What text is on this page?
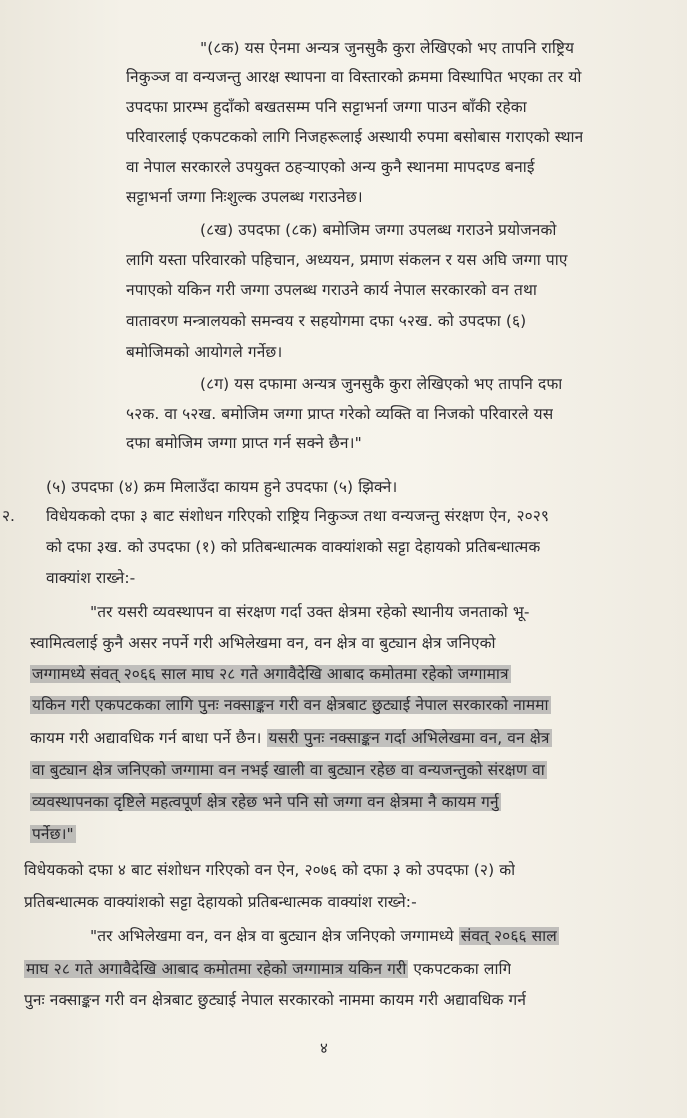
"(८क) यस ऐनमा अन्यत्र जुनसुकै कुरा लेखिएको भए तापनि राष्ट्रिय
निकुञ्ज वा वन्यजन्तु आरक्ष स्थापना वा विस्तारको क्रममा विस्थापित भएका तर यो
उपदफा प्रारम्भ हुदाँको बखतसम्म पनि सट्टाभर्ना जग्गा पाउन बाँकी रहेका
परिवारलाई एकपटकको लागि निजहरूलाई अस्थायी रुपमा बसोबास गराएको स्थान
वा नेपाल सरकारले उपयुक्त ठहऱ्याएको अन्य कुनै स्थानमा मापदण्ड बनाई
सट्टाभर्ना जग्गा निःशुल्क उपलब्ध गराउनेछ।
(८ख) उपदफा (८क) बमोजिम जग्गा उपलब्ध गराउने प्रयोजनको
लागि यस्ता परिवारको पहिचान, अध्ययन, प्रमाण संकलन र यस अघि जग्गा पाए
नपाएको यकिन गरी जग्गा उपलब्ध गराउने कार्य नेपाल सरकारको वन तथा
वातावरण मन्त्रालयको समन्वय र सहयोगमा दफा ५२ख. को उपदफा (६)
बमोजिमको आयोगले गर्नेछ।
(८ग) यस दफामा अन्यत्र जुनसुकै कुरा लेखिएको भए तापनि दफा
५२क. वा ५२ख. बमोजिम जग्गा प्राप्त गरेको व्यक्ति वा निजको परिवारले यस
दफा बमोजिम जग्गा प्राप्त गर्न सक्ने छैन।"
(५) उपदफा (४) क्रम मिलाउँदा कायम हुने उपदफा (५) झिक्ने।
२. विधेयकको दफा ३ बाट संशोधन गरिएको राष्ट्रिय निकुञ्ज तथा वन्यजन्तु संरक्षण ऐन, २०२९
को दफा ३ख. को उपदफा (१) को प्रतिबन्धात्मक वाक्यांशको सट्टा देहायको प्रतिबन्धात्मक
वाक्यांश राख्ने:-
"तर यसरी व्यवस्थापन वा संरक्षण गर्दा उक्त क्षेत्रमा रहेको स्थानीय जनताको भू-
स्वामित्वलाई कुनै असर नपर्ने गरी अभिलेखमा वन, वन क्षेत्र वा बुट्यान क्षेत्र जनिएको
जग्गामध्ये संवत् २०६६ साल माघ २८ गते अगावैदेखि आबाद कमोतमा रहेको जग्गामात्र
यकिन गरी एकपटकका लागि पुनः नक्साङ्कन गरी वन क्षेत्रबाट छुट्याई नेपाल सरकारको नाममा
कायम गरी अद्यावधिक गर्न बाधा पर्ने छैन। यसरी पुनः नक्साङ्कन गर्दा अभिलेखमा वन, वन क्षेत्र
वा बुट्यान क्षेत्र जनिएको जग्गामा वन नभई खाली वा बुट्यान रहेछ वा वन्यजन्तुको संरक्षण वा
व्यवस्थापनका दृष्टिले महत्वपूर्ण क्षेत्र रहेछ भने पनि सो जग्गा वन क्षेत्रमा नै कायम गर्नु
पर्नेछ।"
विधेयकको दफा ४ बाट संशोधन गरिएको वन ऐन, २०७६ को दफा ३ को उपदफा (२) को
प्रतिबन्धात्मक वाक्यांशको सट्टा देहायको प्रतिबन्धात्मक वाक्यांश राख्ने:-
"तर अभिलेखमा वन, वन क्षेत्र वा बुट्यान क्षेत्र जनिएको जग्गामध्ये संवत् २०६६ साल
माघ २८ गते अगावैदेखि आबाद कमोतमा रहेको जग्गामात्र यकिन गरी एकपटकका लागि
पुनः नक्साङ्कन गरी वन क्षेत्रबाट छुट्याई नेपाल सरकारको नाममा कायम गरी अद्यावधिक गर्न
४
